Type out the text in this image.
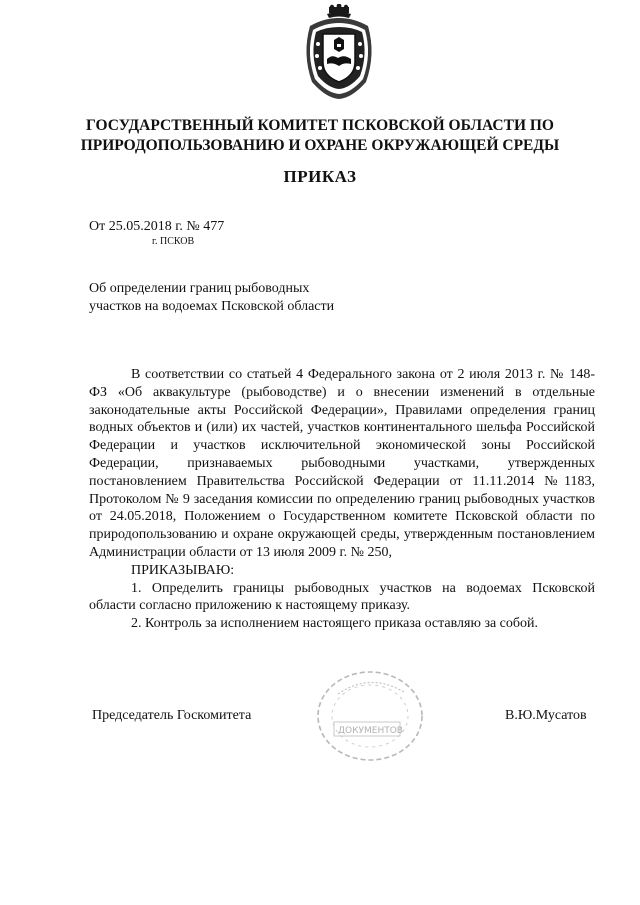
ГОСУДАРСТВЕННЫЙ КОМИТЕТ ПСКОВСКОЙ ОБЛАСТИ ПО
ПРИРОДОПОЛЬЗОВАНИЮ И ОХРАНЕ ОКРУЖАЮЩЕЙ СРЕДЫ
ПРИКАЗ
От 25.05.2018 г. № 477
г. ПСКОВ
Об определении границ рыбоводных
участков на водоемах Псковской области

В соответствии со статьей 4 Федерального закона от 2 июля 2013 г. № 148-ФЗ «Об аквакультуре (рыбоводстве) и о внесении изменений в отдельные законодательные акты Российской Федерации», Правилами определения границ водных объектов и (или) их частей, участков континентального шельфа Российской Федерации и участков исключительной экономической зоны Российской Федерации, признаваемых рыбоводными участками, утвержденных постановлением Правительства Российской Федерации от 11.11.2014 №1183, Протоколом № 9 заседания комиссии по определению границ рыбоводных участков от 24.05.2018, Положением о Государственном комитете Псковской области по природопользованию и охране окружающей среды, утвержденным постановлением Администрации области от 13 июля 2009 г. № 250,

ПРИКАЗЫВАЮ:

1. Определить границы рыбоводных участков на водоемах Псковской области согласно приложению к настоящему приказу.

2. Контроль за исполнением настоящего приказа оставляю за собой.

ДОКУМЕНТОВ
Председатель Госкомитета	В.Ю.Мусатов
